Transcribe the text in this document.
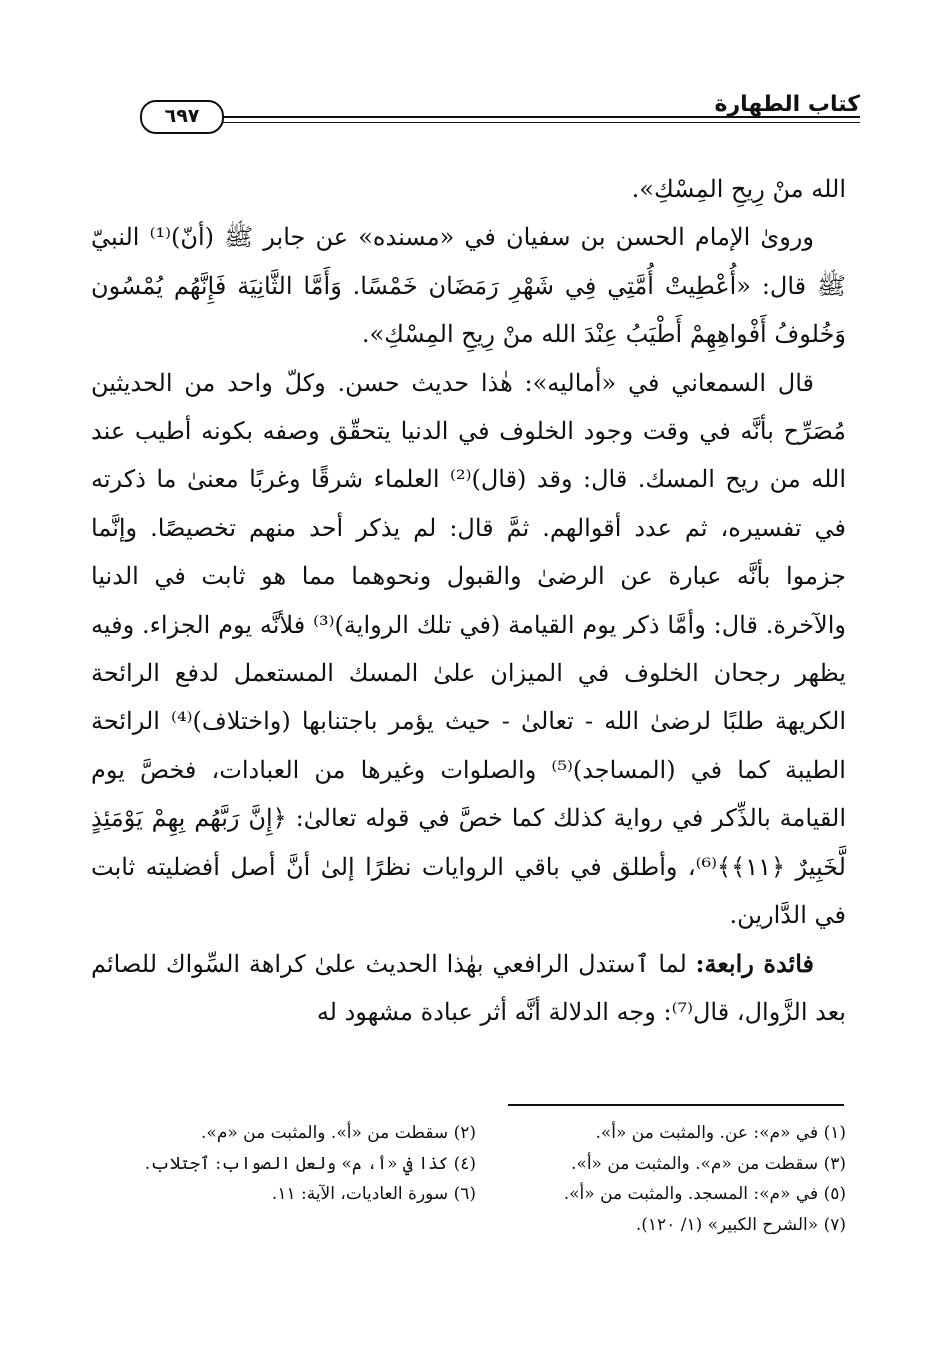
كتاب الطهارة
٦٩٧

الله منْ رِيحِ المِسْكِ».

ورویٰ الإمام الحسن بن سفيان في «مسنده» عن جابر ﷺ (أنّ)⁽¹⁾ النبيّ ﷺ قال: «أُعْطِيتْ أُمَّتِي فِي شَهْرِ رَمَضَان خَمْسًا. وَأَمَّا الثَّانِيَة فَإِنَّهُم يُمْسُون وَخُلوفُ أَفْواهِهِمْ أَطْيَبُ عِنْدَ الله منْ رِيحِ المِسْكِ».

قال السمعاني في «أماليه»: هٰذا حديث حسن. وكلّ واحد من الحديثين مُصَرِّح بأنَّه في وقت وجود الخلوف في الدنيا يتحقّق وصفه بكونه أطيب عند الله من ريح المسك. قال: وقد (قال)⁽²⁾ العلماء شرقًا وغربًا معنىٰ ما ذكرته في تفسيره، ثم عدد أقوالهم. ثمَّ قال: لم يذكر أحد منهم تخصيصًا. وإنَّما جزموا بأنَّه عبارة عن الرضیٰ والقبول ونحوهما مما هو ثابت في الدنيا والآخرة. قال: وأمَّا ذكر يوم القيامة (في تلك الرواية)⁽³⁾ فلأنَّه يوم الجزاء. وفيه يظهر رجحان الخلوف في الميزان علىٰ المسك المستعمل لدفع الرائحة الكريهة طلبًا لرضیٰ الله - تعالىٰ - حيث يؤمر باجتنابها (واختلاف)⁽⁴⁾ الرائحة الطيبة كما في (المساجد)⁽⁵⁾ والصلوات وغيرها من العبادات، فخصَّ يوم القيامة بالذِّكر في رواية كذلك كما خصَّ في قوله تعالىٰ: ﴿إِنَّ رَبَّهُم بِهِمْ يَوْمَئِذٍ لَّخَبِيرٌ ﴿١١﴾﴾⁽⁶⁾، وأطلق في باقي الروايات نظرًا إلىٰ أنَّ أصل أفضليته ثابت في الدَّارين.

فائدة رابعة: لما ٱستدل الرافعي بهٰذا الحديث علىٰ كراهة السِّواك للصائم بعد الزَّوال، قال⁽⁷⁾: وجه الدلالة أنَّه أثر عبادة مشهود له

(١) في «م»: عن. والمثبت من «أ».
(٢) سقطت من «أ». والمثبت من «م».
(٣) سقطت من «م». والمثبت من «أ».
(٤) كذا في «أ، م» ولعل الصواب: ٱجتلاب.
(٥) في «م»: المسجد. والمثبت من «أ».
(٦) سورة العاديات، الآية: ١١.
(٧) «الشرح الكبير» (١/ ١٢٠).
